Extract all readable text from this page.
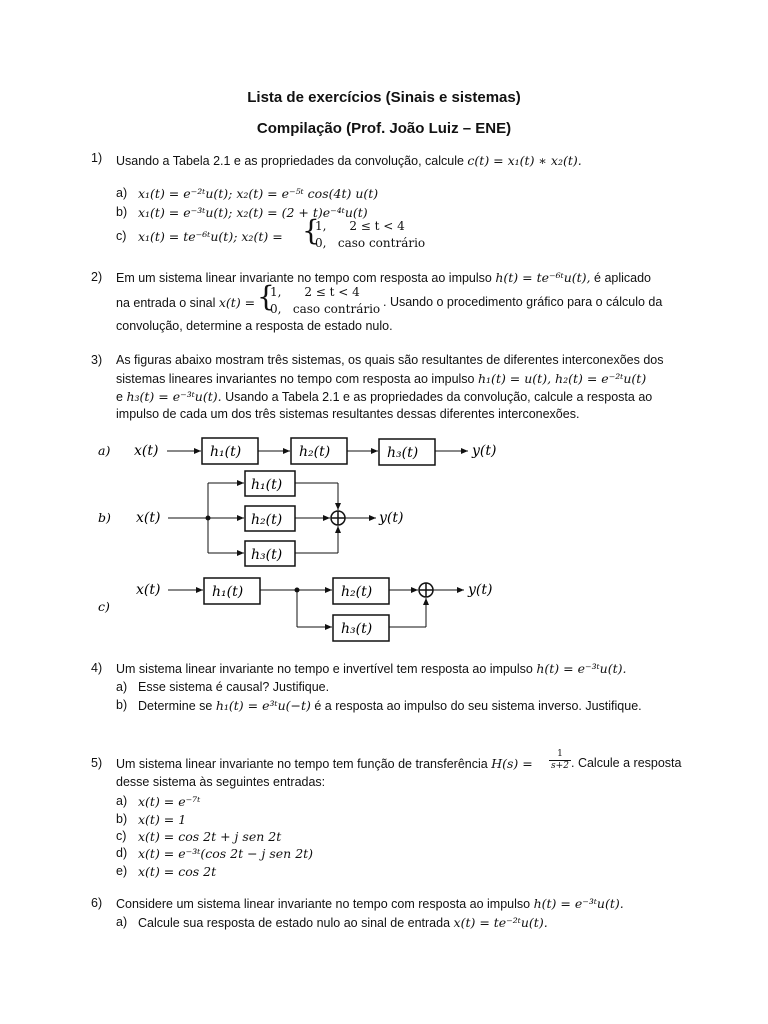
Lista de exercícios (Sinais e sistemas)
Compilação (Prof. João Luiz – ENE)
1) Usando a Tabela 2.1 e as propriedades da convolução, calcule c(t) = x₁(t) ∗ x₂(t).
a) x₁(t) = e⁻²ᵗu(t); x₂(t) = e⁻⁵ᵗ cos(4t) u(t)
b) x₁(t) = e⁻³ᵗu(t); x₂(t) = (2 + t)e⁻⁴ᵗu(t)
c) x₁(t) = te⁻⁶ᵗu(t); x₂(t) = {
1,      2 ≤ t < 4
0,   caso contrário
2) Em um sistema linear invariante no tempo com resposta ao impulso h(t) = te⁻⁶ᵗu(t), é aplicado
na entrada o sinal x(t) = {
1,      2 ≤ t < 4
0,   caso contrário . Usando o procedimento gráfico para o cálculo da
convolução, determine a resposta de estado nulo.
3) As figuras abaixo mostram três sistemas, os quais são resultantes de diferentes interconexões dos
sistemas lineares invariantes no tempo com resposta ao impulso h₁(t) = u(t), h₂(t) = e⁻²ᵗu(t)
e h₃(t) = e⁻³ᵗu(t). Usando a Tabela 2.1 e as propriedades da convolução, calcule a resposta ao
impulso de cada um dos três sistemas resultantes dessas diferentes interconexões.
a) x(t)	h₁(t)	h₂(t)	h₃(t)	y(t)
b) x(t)
h₁(t)
h₂(t)
h₃(t)
y(t)
c)
x(t)	h₁(t)	h₂(t)
h₃(t)
y(t)
4) Um sistema linear invariante no tempo e invertível tem resposta ao impulso h(t) = e⁻³ᵗu(t).
a) Esse sistema é causal? Justifique.
b) Determine se h₁(t) = e³ᵗu(−t) é a resposta ao impulso do seu sistema inverso. Justifique.
5) Um sistema linear invariante no tempo tem função de transferência $H(s) = \frac{1}{s+2}$ . Calcule a resposta
desse sistema às seguintes entradas:
a) x(t) = e⁻⁷ᵗ
b) x(t) = 1
c) x(t) = cos 2t + j sen 2t
d) x(t) = e⁻³ᵗ(cos 2t − j sen 2t)
e) x(t) = cos 2t
6) Considere um sistema linear invariante no tempo com resposta ao impulso h(t) = e⁻³ᵗu(t).
a) Calcule sua resposta de estado nulo ao sinal de entrada x(t) = te⁻²ᵗu(t).
